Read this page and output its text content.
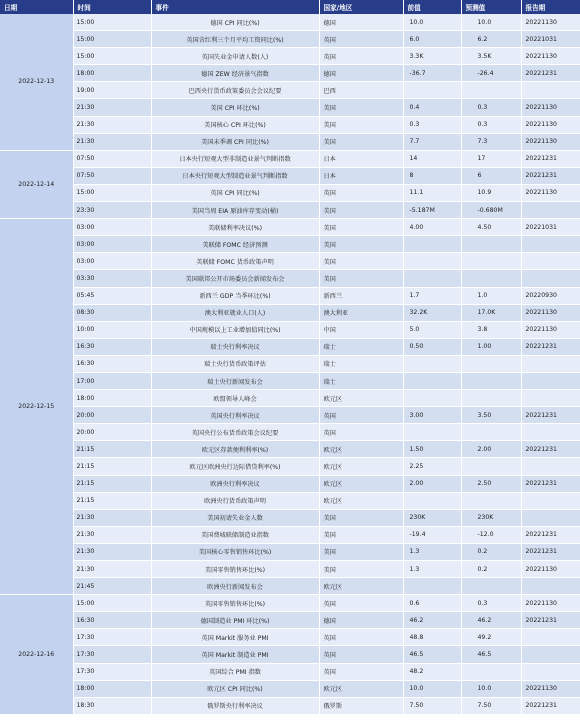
日期	时间	事件	国家/地区	前值	预测值	报告期
2022-12-13	15:00	德国 CPI 同比(%)	德国	10.0	10.0	20221130
	15:00	英国含红利三个月平均工资同比(%)	英国	6.0	6.2	20221031
	15:00	英国失业金申请人数(人)	英国	3.3K	3.5K	20221130
	18:00	德国 ZEW 经济景气指数	德国	-36.7	-26.4	20221231
	19:00	巴西央行货币政策委员会会议纪要	巴西			
	21:30	美国 CPI 环比(%)	美国	0.4	0.3	20221130
	21:30	美国核心 CPI 环比(%)	美国	0.3	0.3	20221130
	21:30	美国未季调 CPI 同比(%)	美国	7.7	7.3	20221130
2022-12-14	07:50	日本央行短观大型非制造业景气判断指数	日本	14	17	20221231
	07:50	日本央行短观大型制造业景气判断指数	日本	8	6	20221231
	15:00	英国 CPI 同比(%)	英国	11.1	10.9	20221130
	23:30	美国当周 EIA 原油库存变动(桶)	美国	-5.187M	-0.680M	
2022-12-15	03:00	美联储利率决议(%)	美国	4.00	4.50	20221031
	03:00	美联储 FOMC 经济预测	美国			
	03:00	美联储 FOMC 货币政策声明	美国			
	03:30	美国联邦公开市场委员会新闻发布会	美国			
	05:45	新西兰 GDP 当季环比(%)	新西兰	1.7	1.0	20220930
	08:30	澳大利亚就业人口(人)	澳大利亚	32.2K	17.0K	20221130
	10:00	中国规模以上工业增加值同比(%)	中国	5.0	3.8	20221130
	16:30	瑞士央行利率决议	瑞士	0.50	1.00	20221231
	16:30	瑞士央行货币政策评估	瑞士			
	17:00	瑞士央行新闻发布会	瑞士			
	18:00	欧盟领导人峰会	欧元区			
	20:00	英国央行利率决议	英国	3.00	3.50	20221231
	20:00	英国央行公布货币政策会议纪要	英国			
	21:15	欧元区存款便利利率(%)	欧元区	1.50	2.00	20221231
	21:15	欧元区欧洲央行边际借贷利率(%)	欧元区	2.25		
	21:15	欧洲央行利率决议	欧元区	2.00	2.50	20221231
	21:15	欧洲央行货币政策声明	欧元区			
	21:30	美国初请失业金人数	美国	230K	230K	
	21:30	美国费城联储制造业指数	美国	-19.4	-12.0	20221231
	21:30	美国核心零售销售环比(%)	美国	1.3	0.2	20221231
	21:30	美国零售销售环比(%)	美国	1.3	0.2	20221130
	21:45	欧洲央行新闻发布会	欧元区			
2022-12-16	15:00	英国零售销售环比(%)	英国	0.6	0.3	20221130
	16:30	德国制造业 PMI 环比(%)	德国	46.2	46.2	20221231
	17:30	英国 Markit 服务业 PMI	英国	48.8	49.2	
	17:30	英国 Markit 制造业 PMI	英国	46.5	46.5	
	17:30	英国综合 PMI 指数	英国	48.2		
	18:00	欧元区 CPI 同比(%)	欧元区	10.0	10.0	20221130
	18:30	俄罗斯央行利率决议	俄罗斯	7.50	7.50	20221231
